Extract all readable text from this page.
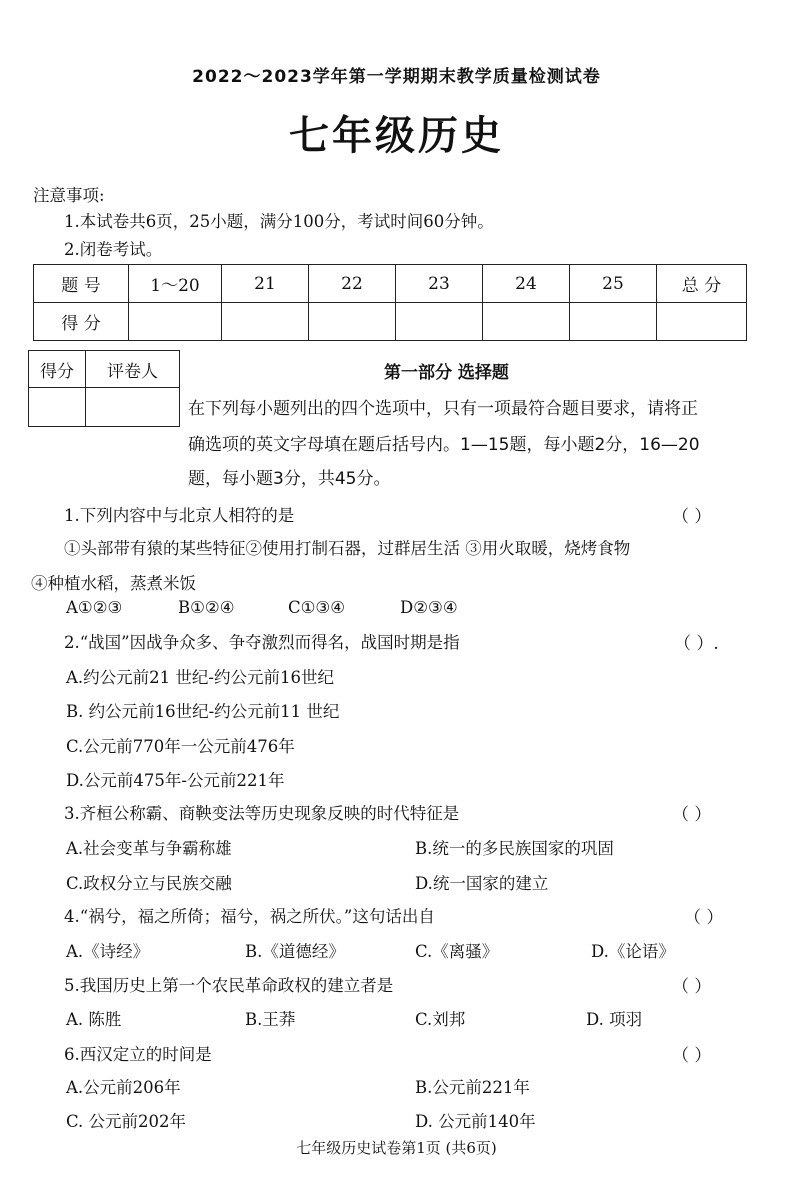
2022～2023学年第一学期期末教学质量检测试卷
七年级历史
注意事项:
1.本试卷共6页，25小题，满分100分，考试时间60分钟。
2.闭卷考试。
题 号	1～20	21	22	23	24	25	总 分
得 分							
得分	评卷人
		第一部分 选择题
在下列每小题列出的四个选项中，只有一项最符合题目要求，请将正
确选项的英文字母填在题后括号内。1—15题，每小题2分，16—20
题，每小题3分，共45分。
1.下列内容中与北京人相符的是	（ ）
①头部带有猿的某些特征②使用打制石器，过群居生活 ③用火取暖，烧烤食物
④种植水稻，蒸煮米饭
A①②③	B①②④	C①③④	D②③④
2.“战国”因战争众多、争夺激烈而得名，战国时期是指	（ ）.
A.约公元前21 世纪-约公元前16世纪
B. 约公元前16世纪-约公元前11 世纪
C.公元前770年一公元前476年
D.公元前475年-公元前221年
3.齐桓公称霸、商鞅变法等历史现象反映的时代特征是	（ ）
A.社会变革与争霸称雄	B.统一的多民族国家的巩固
C.政权分立与民族交融	D.统一国家的建立
4.“祸兮，福之所倚；福兮，祸之所伏。”这句话出自	（ ）
A.《诗经》	B.《道德经》	C.《离骚》	D.《论语》
5.我国历史上第一个农民革命政权的建立者是	（ ）
A. 陈胜	B.王莽	C.刘邦	D. 项羽
6.西汉定立的时间是	（ ）
A.公元前206年	B.公元前221年
C. 公元前202年	D. 公元前140年
七年级历史试卷第1页 (共6页)
